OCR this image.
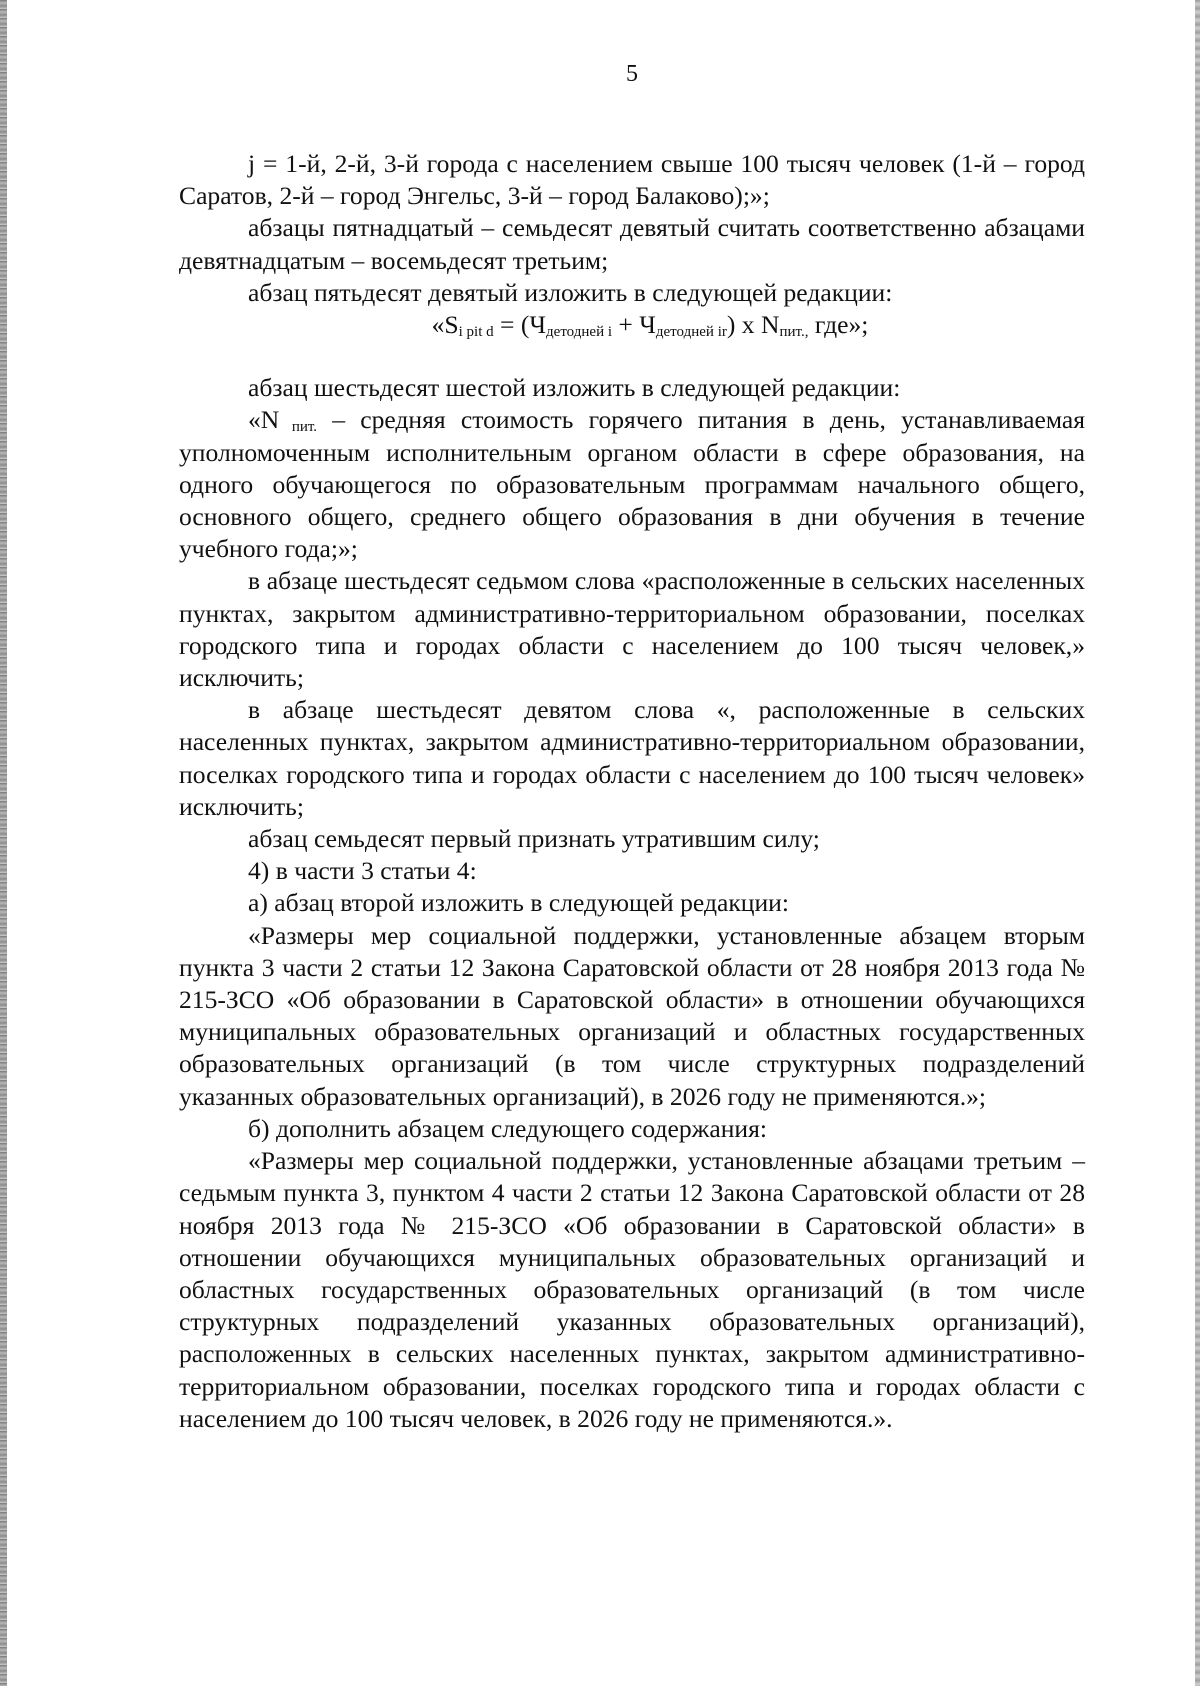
5

j = 1-й, 2-й, 3-й города с населением свыше 100 тысяч человек (1-й – город Саратов, 2-й – город Энгельс, 3-й – город Балаково);»;

абзацы пятнадцатый – семьдесят девятый считать соответственно абзацами девятнадцатым – восемьдесят третьим;

абзац пятьдесят девятый изложить в следующей редакции:

«$S_{i pit d} = (Ч_{детодней i} + Ч_{детодней ir})$ х $N_{пит.,}$ где»;

абзац шестьдесят шестой изложить в следующей редакции:

«N пит. – средняя стоимость горячего питания в день, устанавливаемая уполномоченным исполнительным органом области в сфере образования, на одного обучающегося по образовательным программам начального общего, основного общего, среднего общего образования в дни обучения в течение учебного года;»;

в абзаце шестьдесят седьмом слова «расположенные в сельских населенных пунктах, закрытом административно-территориальном образовании, поселках городского типа и городах области с населением до 100 тысяч человек,» исключить;

в абзаце шестьдесят девятом слова «, расположенные в сельских населенных пунктах, закрытом административно-территориальном образовании, поселках городского типа и городах области с населением до 100 тысяч человек» исключить;

абзац семьдесят первый признать утратившим силу;

4) в части 3 статьи 4:

а) абзац второй изложить в следующей редакции:

«Размеры мер социальной поддержки, установленные абзацем вторым пункта 3 части 2 статьи 12 Закона Саратовской области от 28 ноября 2013 года № 215-ЗСО «Об образовании в Саратовской области» в отношении обучающихся муниципальных образовательных организаций и областных государственных образовательных организаций (в том числе структурных подразделений указанных образовательных организаций), в 2026 году не применяются.»;

б) дополнить абзацем следующего содержания:

«Размеры мер социальной поддержки, установленные абзацами третьим – седьмым пункта 3, пунктом 4 части 2 статьи 12 Закона Саратовской области от 28 ноября 2013 года № 215-ЗСО «Об образовании в Саратовской области» в отношении обучающихся муниципальных образовательных организаций и областных государственных образовательных организаций (в том числе структурных подразделений указанных образовательных организаций), расположенных в сельских населенных пунктах, закрытом административно-территориальном образовании, поселках городского типа и городах области с населением до 100 тысяч человек, в 2026 году не применяются.».
